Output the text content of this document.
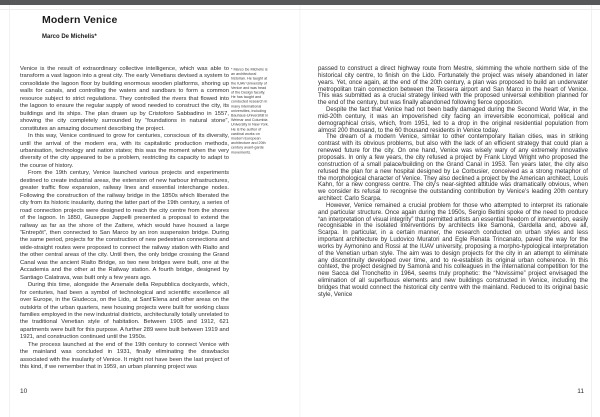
Modern Venice
Marco De Michelis*

Venice is the result of extraordinary collective intelligence, which was able to transform a vast lagoon into a great city. The early Venetians devised a system to consolidate the lagoon floor by building enormous wooden platforms, shoring up walls for canals, and controlling the waters and sandbars to form a common resource subject to strict regulations. They controlled the rivers that flowed into the lagoon to ensure the regular supply of wood needed to construct the city, its buildings and its ships. The plan drawn up by Cristoforo Sabbadino in 1557, showing the city completely surrounded by “foundations in natural stone”, constitutes an amazing document describing the project.

In this way, Venice continued to grow for centuries, conscious of its diversity, until the arrival of the modern era, with its capitalistic production methods, urbanisation, technology and nation states; this was the moment when the very diversity of the city appeared to be a problem, restricting its capacity to adapt to the course of history.

From the 19th century, Venice launched various projects and experiments destined to create industrial areas, the extension of new harbour infrastructures, greater traffic flow expansion, railway lines and essential interchange nodes. Following the construction of the railway bridge in the 1850s which liberated the city from its historic insularity, during the latter part of the 19th century, a series of road connection projects were designed to reach the city centre from the shores of the lagoon. In 1850, Giuseppe Jappelli presented a proposal to extend the railway as far as the shore of the Zattere, which would have housed a large “Entrepôt”, then connected to San Marco by an iron suspension bridge. During the same period, projects for the construction of new pedestrian connections and wide-straight routes were proposed to connect the railway station with Rialto and the other central areas of the city. Until then, the only bridge crossing the Grand Canal was the ancient Rialto Bridge, so two new bridges were built, one at the Accademia and the other at the Railway station. A fourth bridge, designed by Santiago Calatrava, was built only a few years ago.

During this time, alongside the Arsenale della Repubblica dockyards, which, for centuries, had been a symbol of technological and scientific excellence all over Europe, in the Giudecca, on the Lido, at Sant’Elena and other areas on the outskirts of the urban quarters, new housing projects were built for working class families employed in the new industrial districts, architecturally totally unrelated to the traditional Venetian style of habitation. Between 1905 and 1912, 621 apartments were built for this purpose. A further 289 were built between 1919 and 1921, and construction continued until the 1950s.

The process launched at the end of the 19th century to connect Venice with the mainland was concluded in 1931, finally eliminating the drawbacks associated with the insularity of Venice. It might not have been the last project of this kind, if we remember that in 1959, an urban planning project was

* Marco De Michelis is an architectural historian. He taught at the IUAV University of Venice and was head of the Design faculty. He has taught and conducted research in many international universities, including Bauhaus-Universität in Weimar and Columbia University in New York. He is the author of cardinal works on modern European architecture and 20th century avant-garde movements.

passed to construct a direct highway route from Mestre, skimming the whole northern side of the historical city centre, to finish on the Lido. Fortunately the project was wisely abandoned in later years. Yet, once again, at the end of the 20th century, a plan was proposed to build an underwater metropolitan train connection between the Tessera airport and San Marco in the heart of Venice. This was submitted as a crucial strategy linked with the proposed universal exhibition planned for the end of the century, but was finally abandoned following fierce opposition.

Despite the fact that Venice had not been badly damaged during the Second World War, in the mid-20th century, it was an impoverished city facing an irreversible economical, political and demographical crisis, which, from 1951, led to a drop in the original residential population from almost 200 thousand, to the 60 thousand residents in Venice today.

The dream of a modern Venice, similar to other contemporary Italian cities, was in striking contrast with its obvious problems, but also with the lack of an efficient strategy that could plan a renewed future for the city. On one hand, Venice was wisely wary of any extremely innovative proposals. In only a few years, the city refused a project by Frank Lloyd Wright who proposed the construction of a small palace/building on the Grand Canal in 1953. Ten years later, the city also refused the plan for a new hospital designed by Le Corbusier, conceived as a strong metaphor of the morphological character of Venice. They also declined a project by the American architect, Louis Kahn, for a new congress centre. The city’s near-sighted attitude was dramatically obvious, when we consider its refusal to recognise the outstanding contribution by Venice’s leading 20th century architect: Carlo Scarpa.

However, Venice remained a crucial problem for those who attempted to interpret its rationale and particular structure. Once again during the 1950s, Sergio Bettini spoke of the need to produce “an interpretation of visual integrity” that permitted artists an essential freedom of intervention, easily recognisable in the isolated interventions by architects like Samonà, Gardella and, above all, Scarpa. In particular, in a certain manner, the research conducted on urban styles and less important architecture by Ludovico Muratori and Egle Renata Trincanato, paved the way for the works by Aymonino and Rossi at the IUAV university, proposing a morpho-typological interpretation of the Venetian urban style. The aim was to design projects for the city in an attempt to eliminate any discontinuity developed over time, and to re-establish its original urban coherence. In this context, the project designed by Samonà and his colleagues in the international competition for the new Sacca del Tronchetto in 1964, seems truly prophetic: the “Novissime” project envisaged the elimination of all superfluous elements and new buildings constructed in Venice, including the bridges that would connect the historical city centre with the mainland. Reduced to its original basic style, Venice

10	11
